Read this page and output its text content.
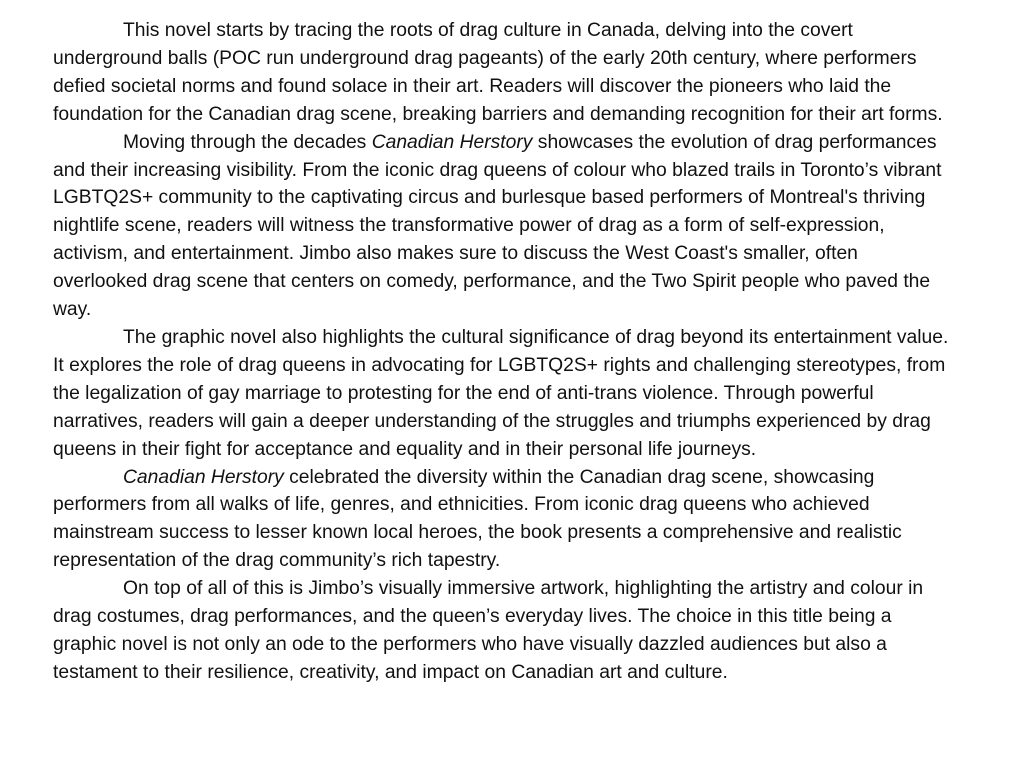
This novel starts by tracing the roots of drag culture in Canada, delving into the covert underground balls (POC run underground drag pageants) of the early 20th century, where performers defied societal norms and found solace in their art. Readers will discover the pioneers who laid the foundation for the Canadian drag scene, breaking barriers and demanding recognition for their art forms.

Moving through the decades Canadian Herstory showcases the evolution of drag performances and their increasing visibility. From the iconic drag queens of colour who blazed trails in Toronto’s vibrant LGBTQ2S+ community to the captivating circus and burlesque based performers of Montreal's thriving nightlife scene, readers will witness the transformative power of drag as a form of self-expression, activism, and entertainment. Jimbo also makes sure to discuss the West Coast's smaller, often overlooked drag scene that centers on comedy, performance, and the Two Spirit people who paved the way.

The graphic novel also highlights the cultural significance of drag beyond its entertainment value. It explores the role of drag queens in advocating for LGBTQ2S+ rights and challenging stereotypes, from the legalization of gay marriage to protesting for the end of anti-trans violence. Through powerful narratives, readers will gain a deeper understanding of the struggles and triumphs experienced by drag queens in their fight for acceptance and equality and in their personal life journeys.

Canadian Herstory celebrated the diversity within the Canadian drag scene, showcasing performers from all walks of life, genres, and ethnicities. From iconic drag queens who achieved mainstream success to lesser known local heroes, the book presents a comprehensive and realistic representation of the drag community’s rich tapestry.

On top of all of this is Jimbo’s visually immersive artwork, highlighting the artistry and colour in drag costumes, drag performances, and the queen’s everyday lives. The choice in this title being a graphic novel is not only an ode to the performers who have visually dazzled audiences but also a testament to their resilience, creativity, and impact on Canadian art and culture.
